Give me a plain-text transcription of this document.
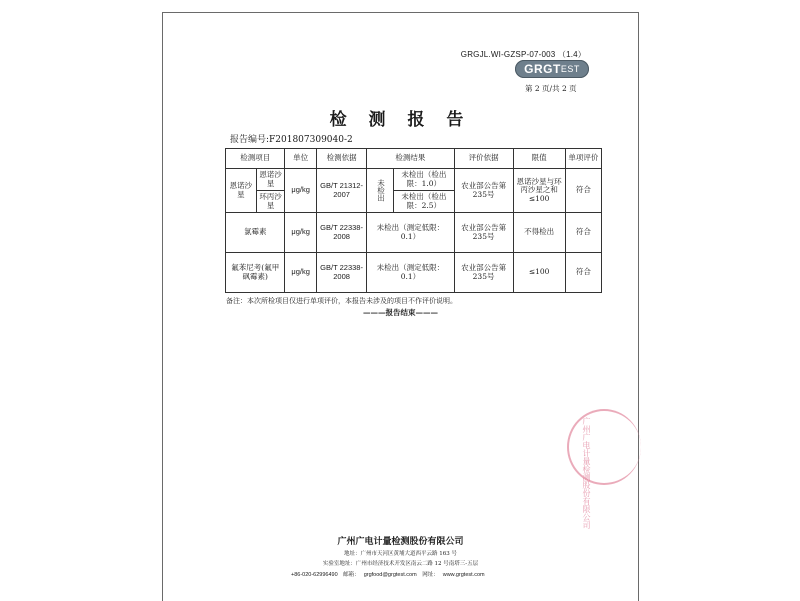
GRGJL.WI-GZSP-07-003 （1.4）
GRGT EST
第 2 页/共 2 页
检 测 报 告
报告编号:F201807309040-2
检测项目		单位	检测依据	检测结果		评价依据	限值	单项评价
恩诺沙星	恩诺沙星	μg/kg	GB/T 21312-2007	未检出	未检出（检出限：1.0）	农业部公告第235号	恩诺沙星与环丙沙星之和≤100	符合
	环丙沙星				未检出（检出限：2.5）			
氯霉素		μg/kg	GB/T 22338-2008	未检出（测定低限：0.1）		农业部公告第235号	不得检出	符合
氟苯尼考(氟甲砜霉素)		μg/kg	GB/T 22338-2008	未检出（测定低限：0.1）		农业部公告第235号	≤100	符合
备注：本次所检项目仅进行单项评价，本报告未涉及的项目不作评价说明。
———报告结束———
广州广电计量检测股份有限公司
广州广电计量检测股份有限公司
地址：广州市天河区黄埔大道西平云路 163 号
实验室地址：广州市经济技术开发区南云二路 12 号南塔三-五层
+86-020-62996490 邮箱： grgfood@grgtest.com 网址： www.grgtest.com
